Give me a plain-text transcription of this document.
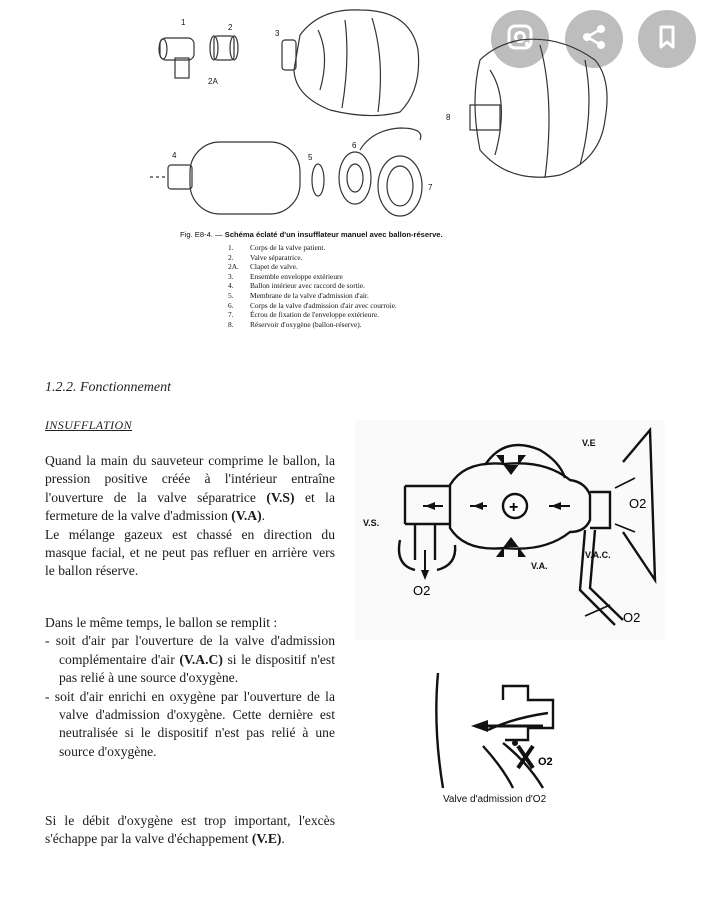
1
2
2A
3
4	5
6
7
8
Fig. E8-4. — Schéma éclaté d'un insufflateur manuel avec ballon-réserve.
1.	Corps de la valve patient.
2.	Valve séparatrice.
2A.	Clapet de valve.
3.	Ensemble enveloppe extérieure
4.	Ballon intérieur avec raccord de sortie.
5.	Membrane de la valve d'admission d'air.
6.	Corps de la valve d'admission d'air avec courroie.
7.	Écrou de fixation de l'enveloppe extérieure.
8.	Réservoir d'oxygène (ballon-réserve).
1.2.2. Fonctionnement
INSUFFLATION

Quand la main du sauveteur comprime le ballon, la pression positive créée à l'intérieur entraîne l'ouverture de la valve séparatrice (V.S) et la fermeture de la valve d'admission (V.A).

Le mélange gazeux est chassé en direction du masque facial, et ne peut pas refluer en arrière vers le ballon réserve.

Dans le même temps, le ballon se remplit :

- soit d'air par l'ouverture de la valve d'admission complémentaire d'air (V.A.C) si le dispositif n'est pas relié à une source d'oxygène.

- soit d'air enrichi en oxygène par l'ouverture de la valve d'admission d'oxygène. Cette dernière est neutralisée si le dispositif n'est pas relié à une source d'oxygène.

Si le débit d'oxygène est trop important, l'excès s'échappe par la valve d'échappement (V.E).

V.E
V.S.
V.A.
V.A.C.
O2
O2
O2
+
O2
Valve d'admission d'O2
